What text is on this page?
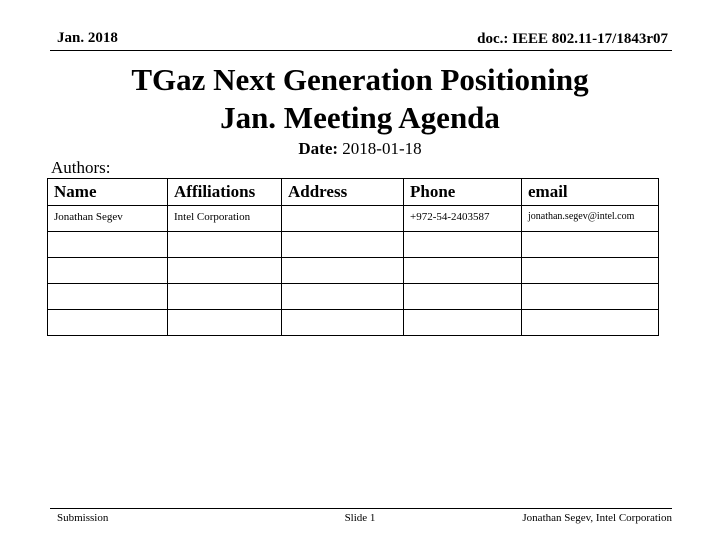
Jan. 2018	doc.: IEEE 802.11-17/1843r07
TGaz Next Generation Positioning
Jan. Meeting Agenda
Date: 2018-01-18
Authors:
Name	Affiliations	Address	Phone	email
Jonathan Segev	Intel Corporation		+972-54-2403587	jonathan.segev@intel.com

Submission	Slide 1	Jonathan Segev, Intel Corporation
